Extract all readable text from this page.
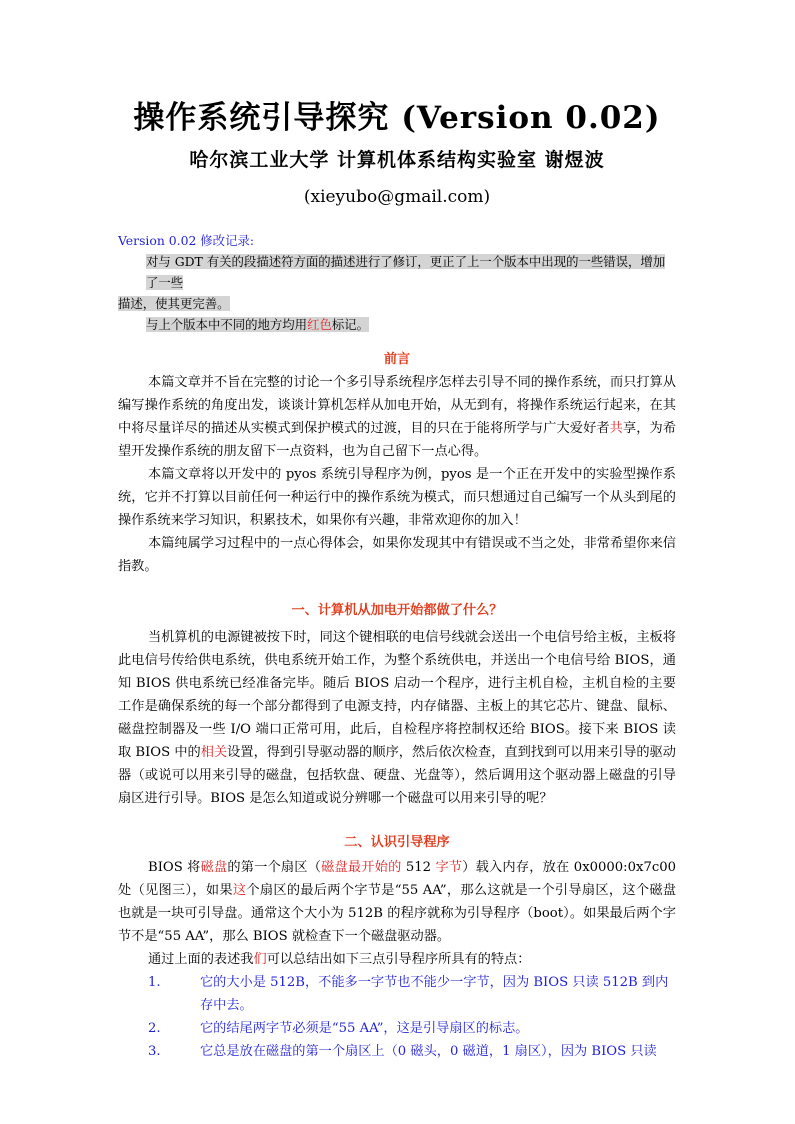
操作系统引导探究 (Version 0.02)
哈尔滨工业大学 计算机体系结构实验室 谢煜波
(xieyubo@gmail.com)
Version 0.02 修改记录:
对与 GDT 有关的段描述符方面的描述进行了修订，更正了上一个版本中出现的一些错误，增加了一些
描述，使其更完善。
与上个版本中不同的地方均用红色标记。
前言

本篇文章并不旨在完整的讨论一个多引导系统程序怎样去引导不同的操作系统，而只打算从编写操作系统的角度出发，谈谈计算机怎样从加电开始，从无到有，将操作系统运行起来，在其中将尽量详尽的描述从实模式到保护模式的过渡，目的只在于能将所学与广大爱好者共享，为希望开发操作系统的朋友留下一点资料，也为自己留下一点心得。

本篇文章将以开发中的 pyos 系统引导程序为例，pyos 是一个正在开发中的实验型操作系统，它并不打算以目前任何一种运行中的操作系统为模式，而只想通过自己编写一个从头到尾的操作系统来学习知识，积累技术，如果你有兴趣，非常欢迎你的加入！

本篇纯属学习过程中的一点心得体会，如果你发现其中有错误或不当之处，非常希望你来信指教。

一、计算机从加电开始都做了什么？

当机算机的电源键被按下时，同这个键相联的电信号线就会送出一个电信号给主板，主板将此电信号传给供电系统，供电系统开始工作，为整个系统供电，并送出一个电信号给 BIOS，通知 BIOS 供电系统已经准备完毕。随后 BIOS 启动一个程序，进行主机自检，主机自检的主要工作是确保系统的每一个部分都得到了电源支持，内存储器、主板上的其它芯片、键盘、鼠标、磁盘控制器及一些 I/O 端口正常可用，此后，自检程序将控制权还给 BIOS。接下来 BIOS 读取 BIOS 中的相关设置，得到引导驱动器的顺序，然后依次检查，直到找到可以用来引导的驱动器（或说可以用来引导的磁盘，包括软盘、硬盘、光盘等），然后调用这个驱动器上磁盘的引导扇区进行引导。BIOS 是怎么知道或说分辨哪一个磁盘可以用来引导的呢？

二、认识引导程序

BIOS 将磁盘的第一个扇区（磁盘最开始的 512 字节）载入内存，放在 0x0000:0x7c00 处（见图三），如果这个扇区的最后两个字节是“55 AA”，那么这就是一个引导扇区，这个磁盘也就是一块可引导盘。通常这个大小为 512B 的程序就称为引导程序（boot）。如果最后两个字节不是“55 AA”，那么 BIOS 就检查下一个磁盘驱动器。

通过上面的表述我们可以总结出如下三点引导程序所具有的特点：

1.	它的大小是 512B，不能多一字节也不能少一字节，因为 BIOS 只读 512B 到内存中去。
2.	它的结尾两字节必须是“55 AA”，这是引导扇区的标志。
3.	它总是放在磁盘的第一个扇区上（0 磁头，0 磁道，1 扇区），因为 BIOS 只读
